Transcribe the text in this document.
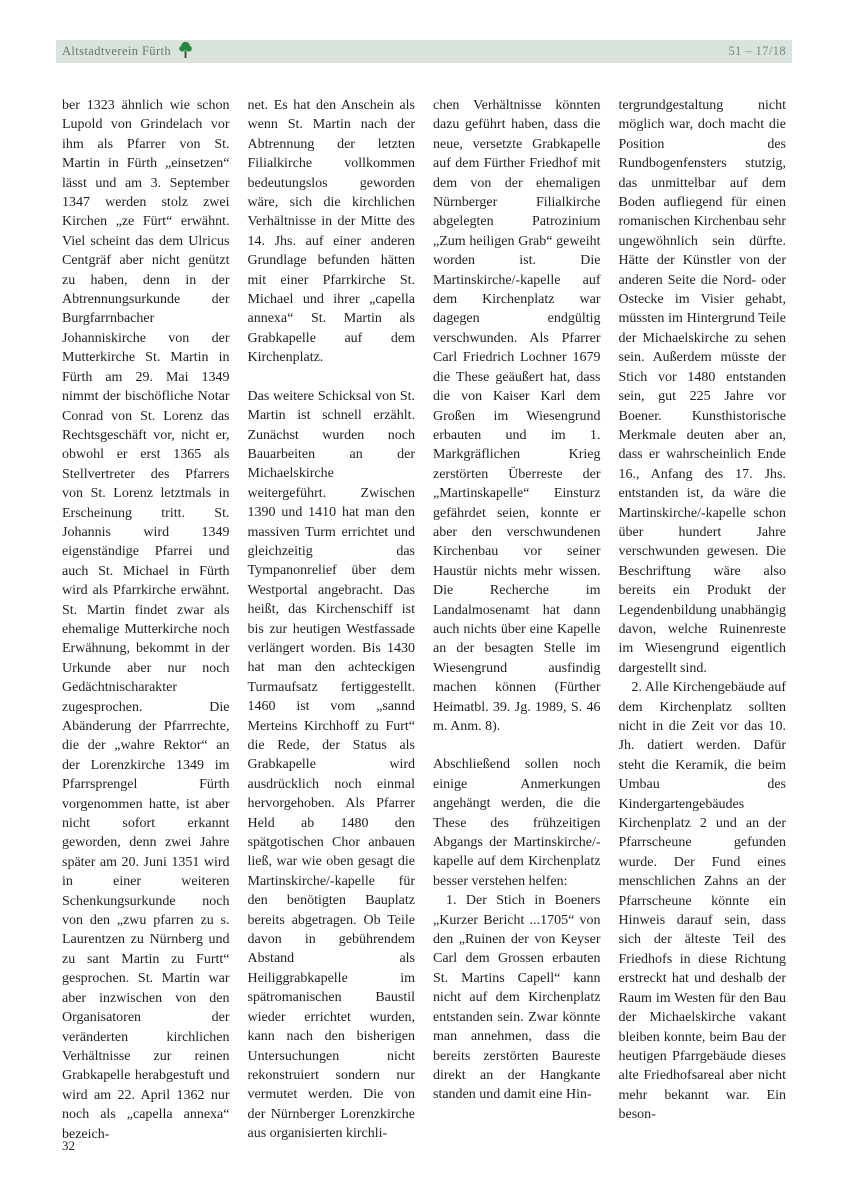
Altstadtverein Fürth	51 – 17/18

ber 1323 ähnlich wie schon Lupold von Grindelach vor ihm als Pfarrer von St. Martin in Fürth „einsetzen“ lässt und am 3. September 1347 werden stolz zwei Kirchen „ze Fürt“ erwähnt. Viel scheint das dem Ulricus Centgräf aber nicht genützt zu haben, denn in der Abtrennungsurkunde der Burgfarrnbacher Johanniskirche von der Mutterkirche St. Martin in Fürth am 29. Mai 1349 nimmt der bischöfliche Notar Conrad von St. Lorenz das Rechtsgeschäft vor, nicht er, obwohl er erst 1365 als Stellvertreter des Pfarrers von St. Lorenz letztmals in Erscheinung tritt. St. Johannis wird 1349 eigenständige Pfarrei und auch St. Michael in Fürth wird als Pfarrkirche erwähnt. St. Martin findet zwar als ehemalige Mutterkirche noch Erwähnung, bekommt in der Urkunde aber nur noch Gedächtnischarakter zugesprochen. Die Abänderung der Pfarrrechte, die der „wahre Rektor“ an der Lorenzkirche 1349 im Pfarrsprengel Fürth vorgenommen hatte, ist aber nicht sofort erkannt geworden, denn zwei Jahre später am 20. Juni 1351 wird in einer weiteren Schenkungsurkunde noch von den „zwu pfarren zu s. Laurentzen zu Nürnberg und zu sant Martin zu Furtt“ gesprochen. St. Martin war aber inzwischen von den Organisatoren der veränderten kirchlichen Verhältnisse zur reinen Grabkapelle herabgestuft und wird am 22. April 1362 nur noch als „capella annexa“ bezeich-

net. Es hat den Anschein als wenn St. Martin nach der Abtrennung der letzten Filialkirche vollkommen bedeutungslos geworden wäre, sich die kirchlichen Verhältnisse in der Mitte des 14. Jhs. auf einer anderen Grundlage befunden hätten mit einer Pfarrkirche St. Michael und ihrer „capella annexa“ St. Martin als Grabkapelle auf dem Kirchenplatz.

Das weitere Schicksal von St. Martin ist schnell erzählt. Zunächst wurden noch Bauarbeiten an der Michaelskirche weitergeführt. Zwischen 1390 und 1410 hat man den massiven Turm errichtet und gleichzeitig das Tympanonrelief über dem Westportal angebracht. Das heißt, das Kirchenschiff ist bis zur heutigen Westfassade verlängert worden. Bis 1430 hat man den achteckigen Turmaufsatz fertiggestellt. 1460 ist vom „sannd Merteins Kirchhoff zu Furt“ die Rede, der Status als Grabkapelle wird ausdrücklich noch einmal hervorgehoben. Als Pfarrer Held ab 1480 den spätgotischen Chor anbauen ließ, war wie oben gesagt die Martinskirche/-kapelle für den benötigten Bauplatz bereits abgetragen. Ob Teile davon in gebührendem Abstand als Heiliggrabkapelle im spätromanischen Baustil wieder errichtet wurden, kann nach den bisherigen Untersuchungen nicht rekonstruiert sondern nur vermutet werden. Die von der Nürnberger Lorenzkirche aus organisierten kirchli-

chen Verhältnisse könnten dazu geführt haben, dass die neue, versetzte Grabkapelle auf dem Fürther Friedhof mit dem von der ehemaligen Nürnberger Filialkirche abgelegten Patrozinium „Zum heiligen Grab“ geweiht worden ist. Die Martinskirche/-kapelle auf dem Kirchenplatz war dagegen endgültig verschwunden. Als Pfarrer Carl Friedrich Lochner 1679 die These geäußert hat, dass die von Kaiser Karl dem Großen im Wiesengrund erbauten und im 1. Markgräflichen Krieg zerstörten Überreste der „Martinskapelle“ Einsturz gefährdet seien, konnte er aber den verschwundenen Kirchenbau vor seiner Haustür nichts mehr wissen. Die Recherche im Landalmosenamt hat dann auch nichts über eine Kapelle an der besagten Stelle im Wiesengrund ausfindig machen können (Fürther Heimatbl. 39. Jg. 1989, S. 46 m. Anm. 8).

Abschließend sollen noch einige Anmerkungen angehängt werden, die die These des frühzeitigen Abgangs der Martinskirche/-kapelle auf dem Kirchenplatz besser verstehen helfen:

1. Der Stich in Boeners „Kurzer Bericht ...1705“ von den „Ruinen der von Keyser Carl dem Grossen erbauten St. Martins Capell“ kann nicht auf dem Kirchenplatz entstanden sein. Zwar könnte man annehmen, dass die bereits zerstörten Baureste direkt an der Hangkante standen und damit eine Hin-

tergrundgestaltung nicht möglich war, doch macht die Position des Rundbogenfensters stutzig, das unmittelbar auf dem Boden aufliegend für einen romanischen Kirchenbau sehr ungewöhnlich sein dürfte. Hätte der Künstler von der anderen Seite die Nord- oder Ostecke im Visier gehabt, müssten im Hintergrund Teile der Michaelskirche zu sehen sein. Außerdem müsste der Stich vor 1480 entstanden sein, gut 225 Jahre vor Boener. Kunsthistorische Merkmale deuten aber an, dass er wahrscheinlich Ende 16., Anfang des 17. Jhs. entstanden ist, da wäre die Martinskirche/-kapelle schon über hundert Jahre verschwunden gewesen. Die Beschriftung wäre also bereits ein Produkt der Legendenbildung unabhängig davon, welche Ruinenreste im Wiesengrund eigentlich dargestellt sind.

2. Alle Kirchengebäude auf dem Kirchenplatz sollten nicht in die Zeit vor das 10. Jh. datiert werden. Dafür steht die Keramik, die beim Umbau des Kindergartengebäudes Kirchenplatz 2 und an der Pfarrscheune gefunden wurde. Der Fund eines menschlichen Zahns an der Pfarrscheune könnte ein Hinweis darauf sein, dass sich der älteste Teil des Friedhofs in diese Richtung erstreckt hat und deshalb der Raum im Westen für den Bau der Michaelskirche vakant bleiben konnte, beim Bau der heutigen Pfarrgebäude dieses alte Friedhofsareal aber nicht mehr bekannt war. Ein beson-

32
